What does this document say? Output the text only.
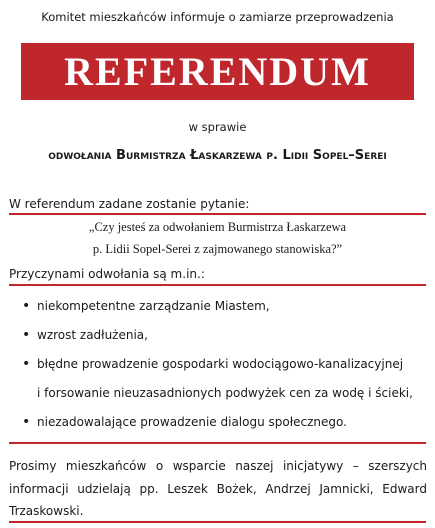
Komitet mieszkańców informuje o zamiarze przeprowadzenia
REFERENDUM
w sprawie
odwołania Burmistrza Łaskarzewa p. Lidii Sopel–Serei
W referendum zadane zostanie pytanie:
„Czy jesteś za odwołaniem Burmistrza Łaskarzewa
p. Lidii Sopel-Serei z zajmowanego stanowiska?”
Przyczynami odwołania są m.in.:
• niekompetentne zarządzanie Miastem,
• wzrost zadłużenia,
• błędne prowadzenie gospodarki wodociągowo-kanalizacyjnej
i forsowanie nieuzasadnionych podwyżek cen za wodę i ścieki,
• niezadowalające prowadzenie dialogu społecznego.
Prosimy mieszkańców o wsparcie naszej inicjatywy – szerszych informacji udzielają pp. Leszek Bożek, Andrzej Jamnicki, Edward Trzaskowski.
